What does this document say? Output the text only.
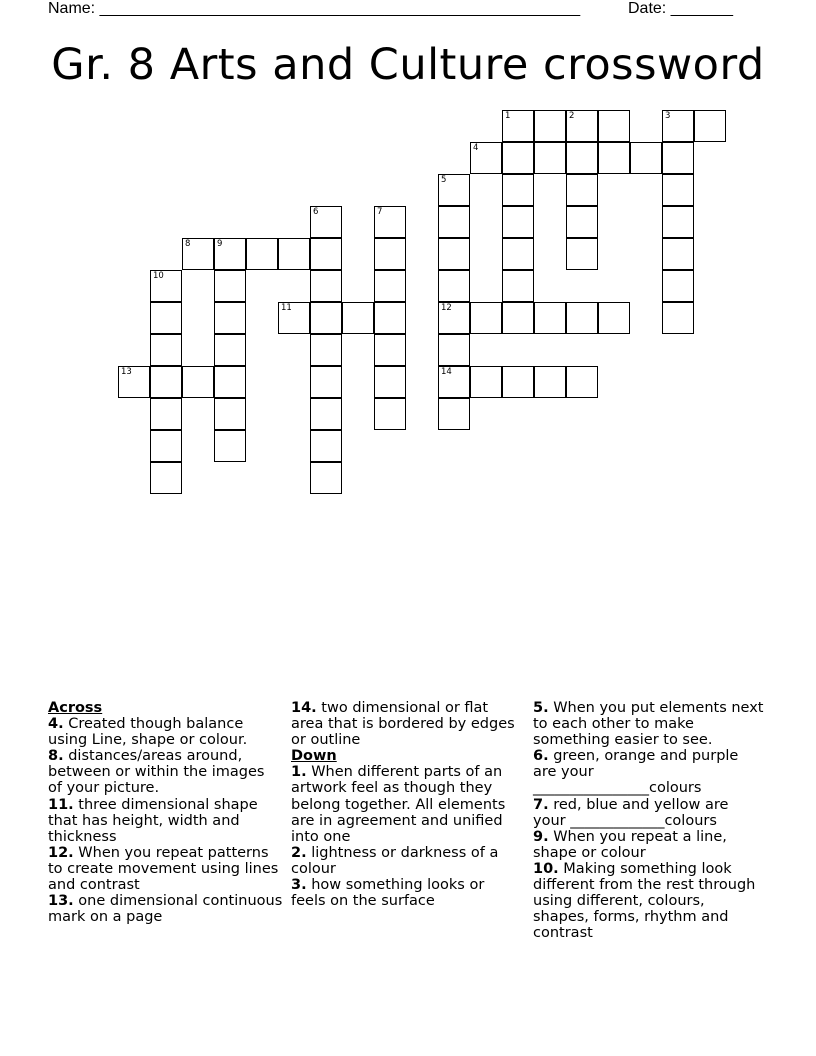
Name: ______________________________________________________	Date: _______
Gr. 8 Arts and Culture crossword
1	2	3
4
5
6	7
8	9
10
11	12
13	14
Across
4. Created though balance using Line, shape or colour.
8. distances/areas around, between or within the images of your picture.
11. three dimensional shape that has height, width and thickness
12. When you repeat patterns to create movement using lines and contrast
13. one dimensional continuous mark on a page
14. two dimensional or flat area that is bordered by edges or outline
Down
1. When different parts of an artwork feel as though they belong together. All elements are in agreement and unified into one
2. lightness or darkness of a colour
3. how something looks or feels on the surface
5. When you put elements next to each other to make something easier to see.
6. green, orange and purple are your ________________colours
7. red, blue and yellow are your _____________colours
9. When you repeat a line, shape or colour
10. Making something look different from the rest through using different, colours, shapes, forms, rhythm and contrast
